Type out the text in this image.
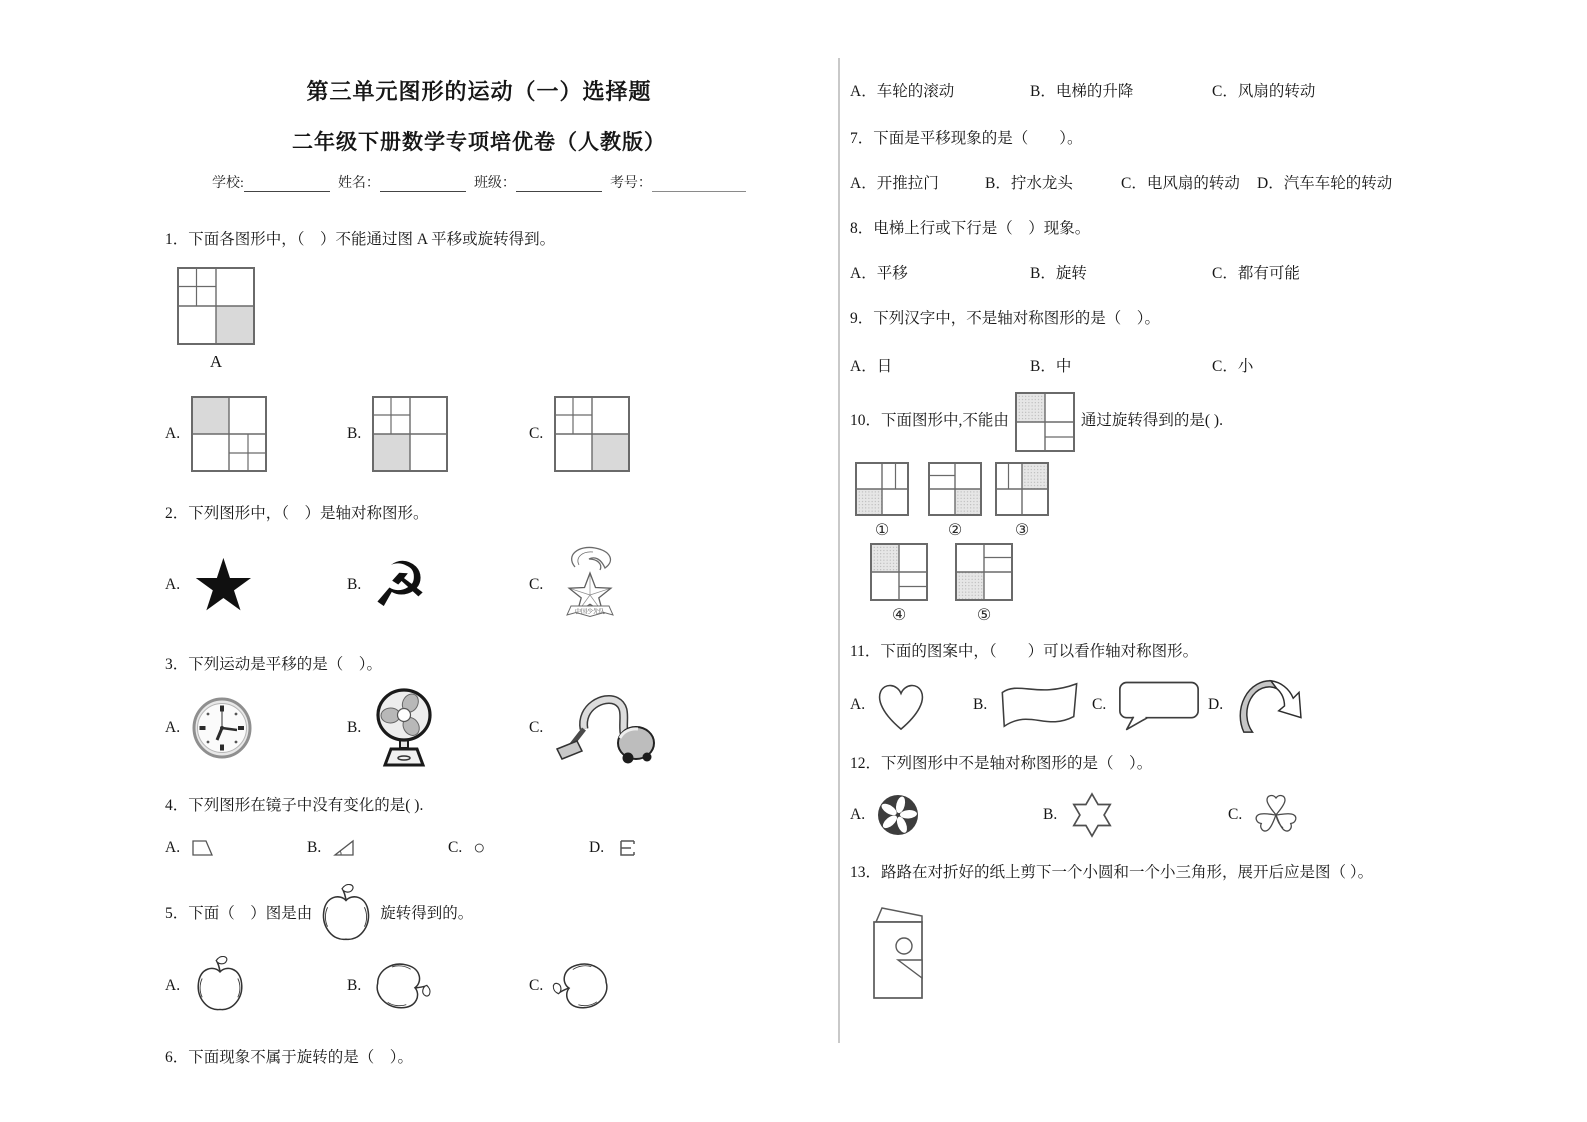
第三单元图形的运动（一）选择题
二年级下册数学专项培优卷（人教版）
学校:	姓名：	班级：	考号：
1．下面各图形中，（　）不能通过图 A 平移或旋转得到。
A
A.	B.	C.
2．下列图形中，（　）是轴对称图形。
A. ★	B. ☭	C.
中国少先队
3．下列运动是平移的是（　）。
A.	B.	C.
4．下列图形在镜子中没有变化的是( ).
A.	B.	C. ○	D.
5．下面（　）图是由	旋转得到的。
A.	B.	C.
6．下面现象不属于旋转的是（　）。
A．车轮的滚动	B．电梯的升降	C．风扇的转动
7．下面是平移现象的是（　　）。
A．开推拉门	B．拧水龙头	C．电风扇的转动 D．汽车车轮的转动
8．电梯上行或下行是（　）现象。
A．平移	B．旋转	C．都有可能
9．下列汉字中，不是轴对称图形的是（　）。
A．日	B．中	C．小
10．下面图形中,不能由	通过旋转得到的是( ).
①	②	③
④	⑤
11．下面的图案中，（　　）可以看作轴对称图形。
A.	B.	C.	D.
12．下列图形中不是轴对称图形的是（　）。
A.	B.	C.
13．路路在对折好的纸上剪下一个小圆和一个小三角形，展开后应是图（ ）。
